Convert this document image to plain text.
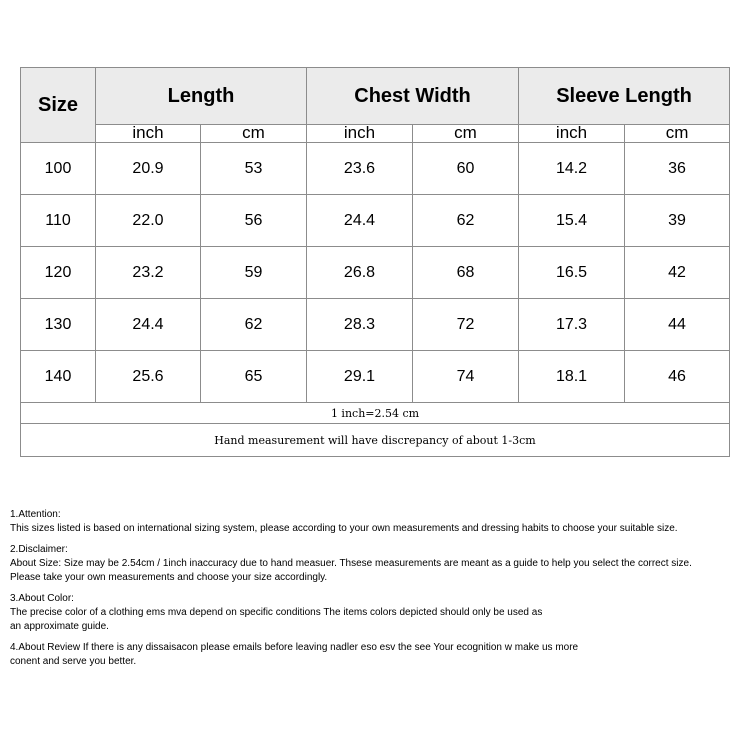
Size	Length		Chest Width		Sleeve Length	
	inch	cm	inch	cm	inch	cm
100	20.9	53	23.6	60	14.2	36
110	22.0	56	24.4	62	15.4	39
120	23.2	59	26.8	68	16.5	42
130	24.4	62	28.3	72	17.3	44
140	25.6	65	29.1	74	18.1	46
1 inch=2.54 cm						
Hand measurement will have discrepancy of about 1-3cm						

1.Attention:

This sizes listed is based on international sizing system, please according to your own measurements and dressing habits to choose your suitable size.

2.Disclaimer:

About Size: Size may be 2.54cm / 1inch inaccuracy due to hand measuer. Thsese measurements are meant as a guide to help you select the correct size.

Please take your own measurements and choose your size accordingly.

3.About Color:

The precise color of a clothing ems mva depend on specific conditions The items colors depicted should only be used as

an approximate guide.

4.About Review If there is any dissaisacon please emails before leaving nadler eso esv the see Your ecognition w make us more

conent and serve you better.
